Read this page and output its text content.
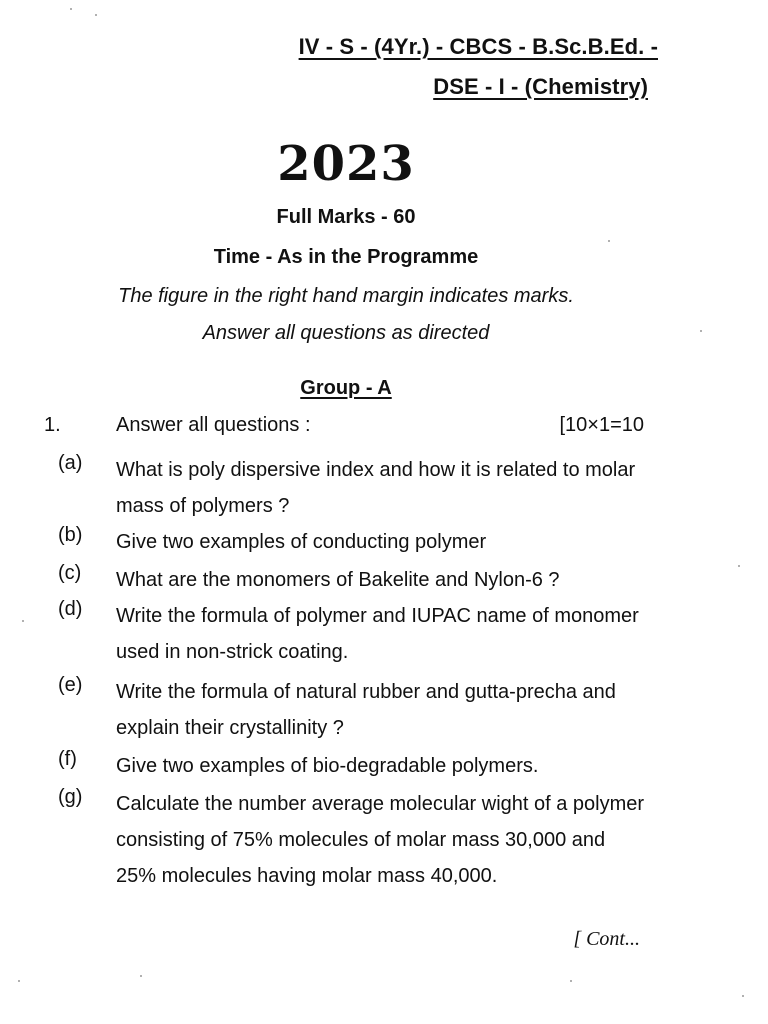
IV - S - (4Yr.) - CBCS - B.Sc.B.Ed. -
DSE - I - (Chemistry)
2023
Full Marks - 60
Time - As in the Programme
The figure in the right hand margin indicates marks.
Answer all questions as directed
Group - A
1.	Answer all questions :	[10×1=10
(a) What is poly dispersive index and how it is related to molar mass of polymers ?
(b) Give two examples of conducting polymer
(c) What are the monomers of Bakelite and Nylon-6 ?
(d) Write the formula of polymer and IUPAC name of monomer used in non-strick coating.
(e) Write the formula of natural rubber and gutta-precha and explain their crystallinity ?
(f) Give two examples of bio-degradable polymers.
(g) Calculate the number average molecular wight of a polymer consisting of 75% molecules of molar mass 30,000 and 25% molecules having molar mass 40,000.
[ Cont...
